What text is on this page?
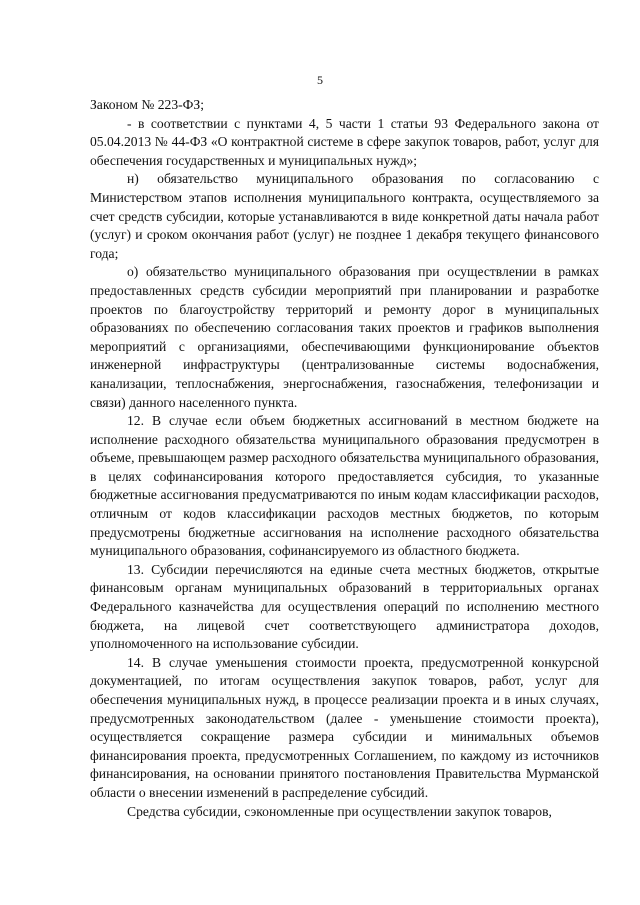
5

Законом № 223-ФЗ;

- в соответствии с пунктами 4, 5 части 1 статьи 93 Федерального закона от 05.04.2013 № 44-ФЗ «О контрактной системе в сфере закупок товаров, работ, услуг для обеспечения государственных и муниципальных нужд»;

н) обязательство муниципального образования по согласованию с Министерством этапов исполнения муниципального контракта, осуществляемого за счет средств субсидии, которые устанавливаются в виде конкретной даты начала работ (услуг) и сроком окончания работ (услуг) не позднее 1 декабря текущего финансового года;

о) обязательство муниципального образования при осуществлении в рамках предоставленных средств субсидии мероприятий при планировании и разработке проектов по благоустройству территорий и ремонту дорог в муниципальных образованиях по обеспечению согласования таких проектов и графиков выполнения мероприятий с организациями, обеспечивающими функционирование объектов инженерной инфраструктуры (централизованные системы водоснабжения, канализации, теплоснабжения, энергоснабжения, газоснабжения, телефонизации и связи) данного населенного пункта.

12. В случае если объем бюджетных ассигнований в местном бюджете на исполнение расходного обязательства муниципального образования предусмотрен в объеме, превышающем размер расходного обязательства муниципального образования, в целях софинансирования которого предоставляется субсидия, то указанные бюджетные ассигнования предусматриваются по иным кодам классификации расходов, отличным от кодов классификации расходов местных бюджетов, по которым предусмотрены бюджетные ассигнования на исполнение расходного обязательства муниципального образования, софинансируемого из областного бюджета.

13. Субсидии перечисляются на единые счета местных бюджетов, открытые финансовым органам муниципальных образований в территориальных органах Федерального казначейства для осуществления операций по исполнению местного бюджета, на лицевой счет соответствующего администратора доходов, уполномоченного на использование субсидии.

14. В случае уменьшения стоимости проекта, предусмотренной конкурсной документацией, по итогам осуществления закупок товаров, работ, услуг для обеспечения муниципальных нужд, в процессе реализации проекта и в иных случаях, предусмотренных законодательством (далее - уменьшение стоимости проекта), осуществляется сокращение размера субсидии и минимальных объемов финансирования проекта, предусмотренных Соглашением, по каждому из источников финансирования, на основании принятого постановления Правительства Мурманской области о внесении изменений в распределение субсидий.

Средства субсидии, сэкономленные при осуществлении закупок товаров,
